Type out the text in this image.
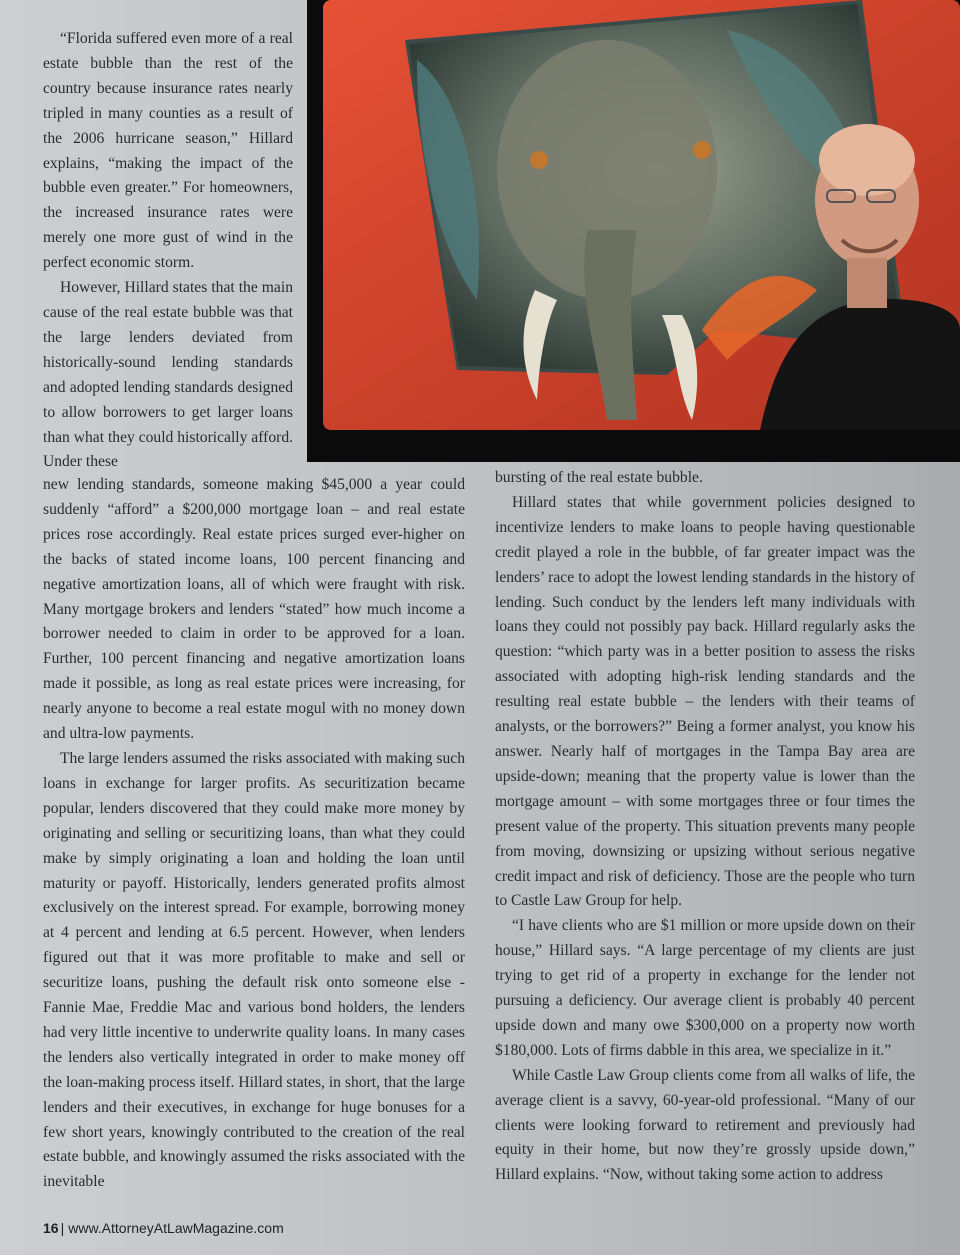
“Florida suffered even more of a real estate bubble than the rest of the country because insurance rates nearly tripled in many counties as a result of the 2006 hurricane season,” Hillard explains, “making the impact of the bubble even greater.” For homeowners, the increased insurance rates were merely one more gust of wind in the perfect economic storm.

However, Hillard states that the main cause of the real estate bubble was that the large lenders deviated from historically-sound lending standards and adopted lending standards designed to allow borrowers to get larger loans than what they could historically afford. Under these

new lending standards, someone making $45,000 a year could suddenly “afford” a $200,000 mortgage loan – and real estate prices rose accordingly. Real estate prices surged ever-higher on the backs of stated income loans, 100 percent financing and negative amortization loans, all of which were fraught with risk. Many mortgage brokers and lenders “stated” how much income a borrower needed to claim in order to be approved for a loan. Further, 100 percent financing and negative amortization loans made it possible, as long as real estate prices were increasing, for nearly anyone to become a real estate mogul with no money down and ultra-low payments.

The large lenders assumed the risks associated with making such loans in exchange for larger profits. As securitization became popular, lenders discovered that they could make more money by originating and selling or securitizing loans, than what they could make by simply originating a loan and holding the loan until maturity or payoff. Historically, lenders generated profits almost exclusively on the interest spread. For example, borrowing money at 4 percent and lending at 6.5 percent. However, when lenders figured out that it was more profitable to make and sell or securitize loans, pushing the default risk onto someone else - Fannie Mae, Freddie Mac and various bond holders, the lenders had very little incentive to underwrite quality loans. In many cases the lenders also vertically integrated in order to make money off the loan-making process itself. Hillard states, in short, that the large lenders and their executives, in exchange for huge bonuses for a few short years, knowingly contributed to the creation of the real estate bubble, and knowingly assumed the risks associated with the inevitable

bursting of the real estate bubble.

Hillard states that while government policies designed to incentivize lenders to make loans to people having questionable credit played a role in the bubble, of far greater impact was the lenders’ race to adopt the lowest lending standards in the history of lending. Such conduct by the lenders left many individuals with loans they could not possibly pay back. Hillard regularly asks the question: “which party was in a better position to assess the risks associated with adopting high-risk lending standards and the resulting real estate bubble – the lenders with their teams of analysts, or the borrowers?” Being a former analyst, you know his answer. Nearly half of mortgages in the Tampa Bay area are upside-down; meaning that the property value is lower than the mortgage amount – with some mortgages three or four times the present value of the property. This situation prevents many people from moving, downsizing or upsizing without serious negative credit impact and risk of deficiency. Those are the people who turn to Castle Law Group for help.

“I have clients who are $1 million or more upside down on their house,” Hillard says. “A large percentage of my clients are just trying to get rid of a property in exchange for the lender not pursuing a deficiency. Our average client is probably 40 percent upside down and many owe $300,000 on a property now worth $180,000. Lots of firms dabble in this area, we specialize in it.”

While Castle Law Group clients come from all walks of life, the average client is a savvy, 60-year-old professional. “Many of our clients were looking forward to retirement and previously had equity in their home, but now they’re grossly upside down,” Hillard explains. “Now, without taking some action to address

16 | www.AttorneyAtLawMagazine.com
